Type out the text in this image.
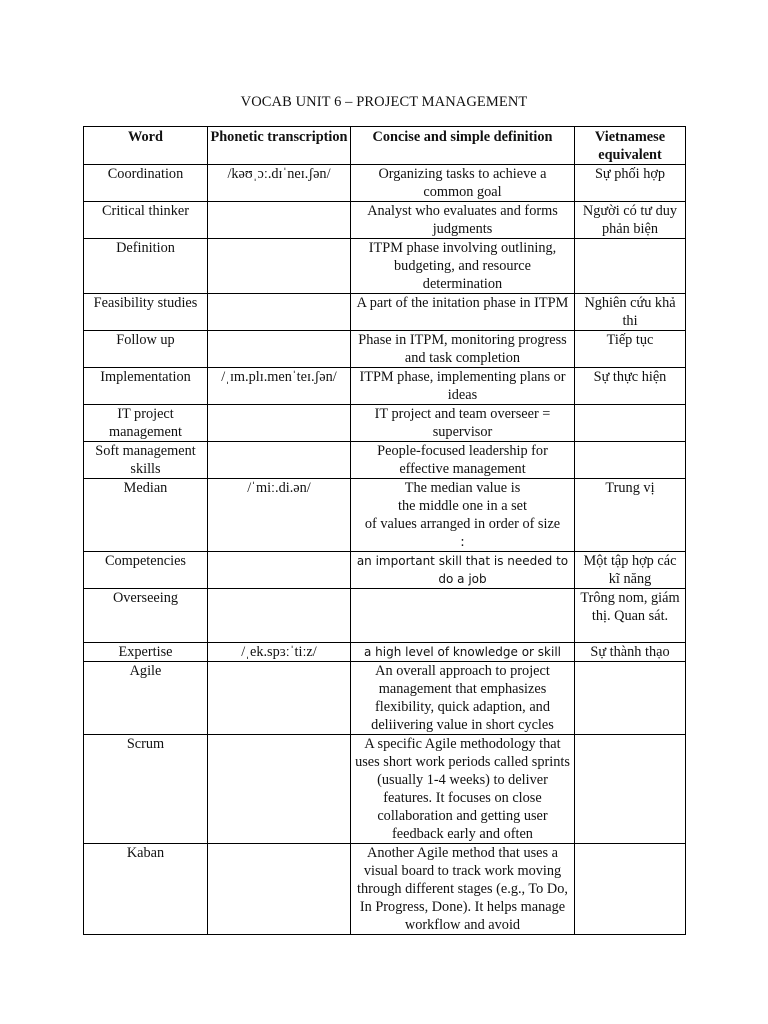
VOCAB UNIT 6 – PROJECT MANAGEMENT
Word	Phonetic transcription	Concise and simple definition	Vietnamese equivalent
Coordination	/kəʊˌɔː.dɪˈneɪ.ʃən/	Organizing tasks to achieve a common goal	Sự phối hợp
Critical thinker		Analyst who evaluates and forms judgments	Người có tư duy phản biện
Definition		ITPM phase involving outlining, budgeting, and resource determination	
Feasibility studies		A part of the initation phase in ITPM	Nghiên cứu khả thi
Follow up		Phase in ITPM, monitoring progress and task completion	Tiếp tục
Implementation	/ˌɪm.plɪ.menˈteɪ.ʃən/	ITPM phase, implementing plans or ideas	Sự thực hiện
IT project management		IT project and team overseer = supervisor	
Soft management skills		People-focused leadership for effective management	
Median	/ˈmiː.di.ən/	The median value is
the middle one in a set
of values arranged in order of size
:	Trung vị
Competencies		an important skill that is needed to do a job	Một tập hợp các kĩ năng
Overseeing			Trông nom, giám thị. Quan sát.
Expertise	/ˌek.spɜːˈtiːz/	a high level of knowledge or skill	Sự thành thạo
Agile		An overall approach to project management that emphasizes flexibility, quick adaption, and deliivering value in short cycles	
Scrum		A specific Agile methodology that uses short work periods called sprints (usually 1-4 weeks) to deliver features. It focuses on close collaboration and getting user feedback early and often	
Kaban		Another Agile method that uses a visual board to track work moving through different stages (e.g., To Do, In Progress, Done). It helps manage workflow and avoid	
